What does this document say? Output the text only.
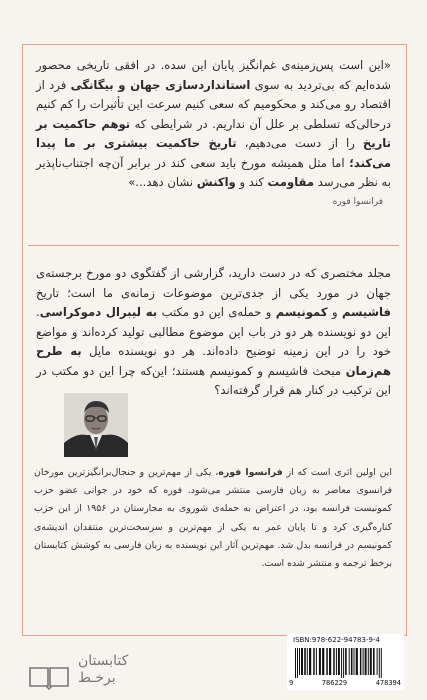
«این است پس‌زمینه‌ی غم‌انگیز پایان این سده. در افقی تاریخی محصور شده‌ایم که بی‌تردید به سوی استانداردسازی جهان و بیگانگی فرد از اقتصاد رو می‌کند و محکومیم که سعی کنیم سرعت این تأثیرات را کم کنیم درحالی‌که تسلطی بر علل آن نداریم. در شرایطی که توهم حاکمیت بر تاریخ را از دست می‌دهیم، تاریخ حاکمیت بیشتری بر ما پیدا می‌کند؛ اما مثل همیشه مورخ باید سعی کند در برابر آن‌چه اجتناب‌ناپذیر به نظر می‌رسد مقاومت کند و واکنش نشان دهد...»

فرانسوا فوره

مجلد مختصری که در دست دارید، گزارشی از گفتگوی دو مورخ برجسته‌ی جهان در مورد یکی از جدی‌ترین موضوعات زمانه‌ی ما است؛ تاریخ فاشیسم و کمونیسم و حمله‌ی این دو مکتب به لیبرال دموکراسی. این دو نویسنده هر دو در باب این موضوع مطالبی تولید کرده‌اند و مواضع خود را در این زمینه توضیح داده‌اند. هر دو نویسنده مایل به طرح هم‌زمان مبحث فاشیسم و کمونیسم هستند؛ این‌که چرا این دو مکتب در این ترکیب در کنار هم قرار گرفته‌اند؟

این اولین اثری است که از فرانسوا فوره، یکی از مهم‌ترین و جنجال‌برانگیزترین مورخان فرانسوی معاصر به زبان فارسی منتشر می‌شود. فوره که خود در جوانی عضو حزب کمونیست فرانسه بود، در اعتراض به حمله‌ی شوروی به مجارستان در ۱۹۵۶ از این حزب کناره‌گیری کرد و تا پایان عمر به یکی از مهم‌ترین و سرسخت‌ترین منتقدان اندیشه‌ی کمونیسم در فرانسه بدل شد. مهم‌ترین آثار این نویسنده به زبان فارسی به کوشش کتابستان برخط ترجمه و منتشر شده است.

کتابستان
برخـط
ISBN:978-622-94783-9-4
9	786229	478394
